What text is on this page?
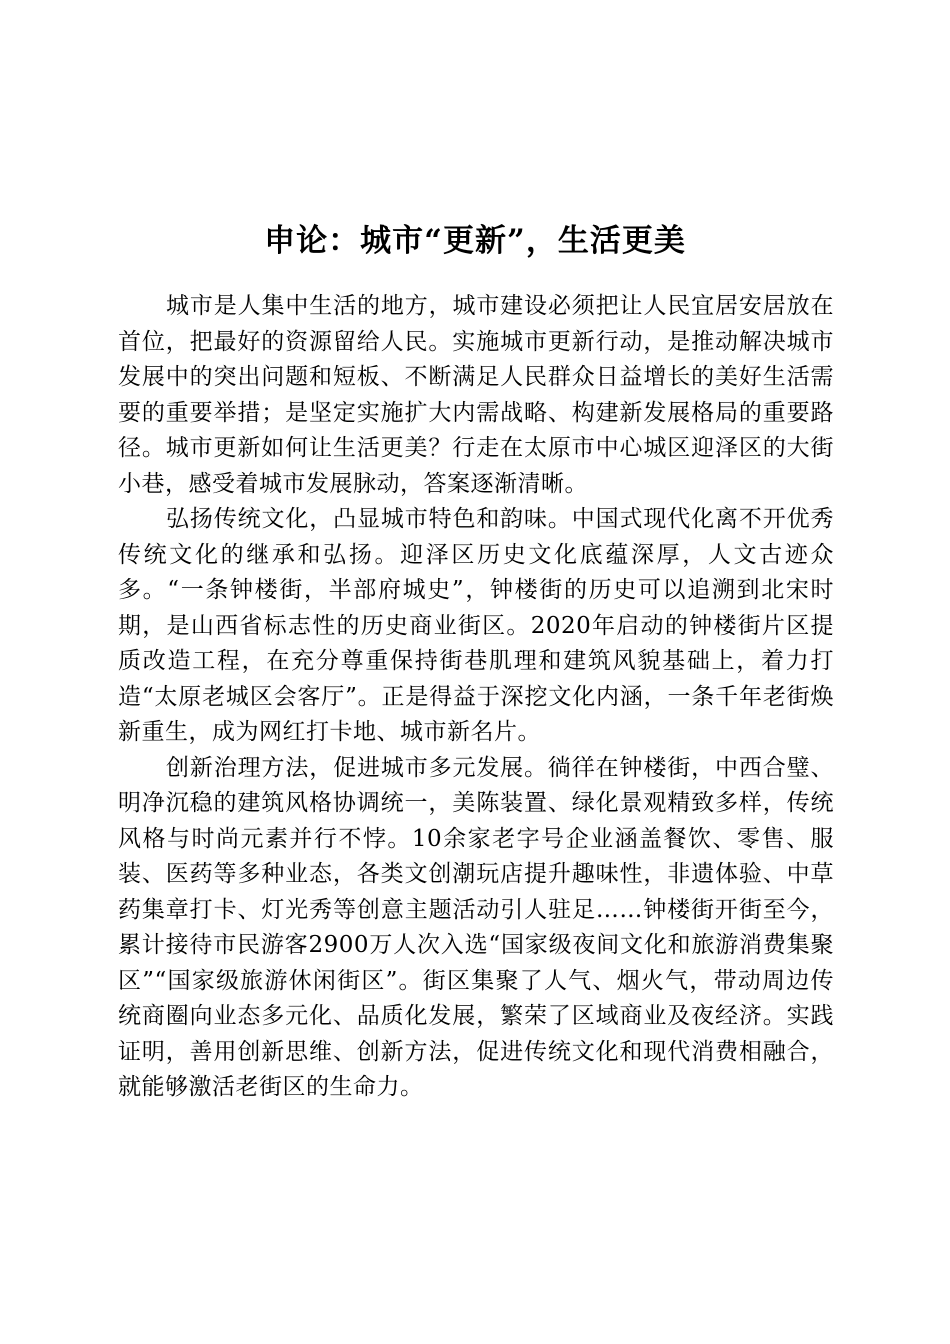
申论：城市“更新”，生活更美

城市是人集中生活的地方，城市建设必须把让人民宜居安居放在首位，把最好的资源留给人民。实施城市更新行动，是推动解决城市发展中的突出问题和短板、不断满足人民群众日益增长的美好生活需要的重要举措；是坚定实施扩大内需战略、构建新发展格局的重要路径。城市更新如何让生活更美？行走在太原市中心城区迎泽区的大街小巷，感受着城市发展脉动，答案逐渐清晰。

弘扬传统文化，凸显城市特色和韵味。中国式现代化离不开优秀传统文化的继承和弘扬。迎泽区历史文化底蕴深厚，人文古迹众多。“一条钟楼街，半部府城史”，钟楼街的历史可以追溯到北宋时期，是山西省标志性的历史商业街区。2020年启动的钟楼街片区提质改造工程，在充分尊重保持街巷肌理和建筑风貌基础上，着力打造“太原老城区会客厅”。正是得益于深挖文化内涵，一条千年老街焕新重生，成为网红打卡地、城市新名片。

创新治理方法，促进城市多元发展。徜徉在钟楼街，中西合璧、明净沉稳的建筑风格协调统一，美陈装置、绿化景观精致多样，传统风格与时尚元素并行不悖。10余家老字号企业涵盖餐饮、零售、服装、医药等多种业态，各类文创潮玩店提升趣味性，非遗体验、中草药集章打卡、灯光秀等创意主题活动引人驻足……钟楼街开街至今，累计接待市民游客2900万人次入选“国家级夜间文化和旅游消费集聚区”“国家级旅游休闲街区”。街区集聚了人气、烟火气，带动周边传统商圈向业态多元化、品质化发展，繁荣了区域商业及夜经济。实践证明，善用创新思维、创新方法，促进传统文化和现代消费相融合，就能够激活老街区的生命力。
